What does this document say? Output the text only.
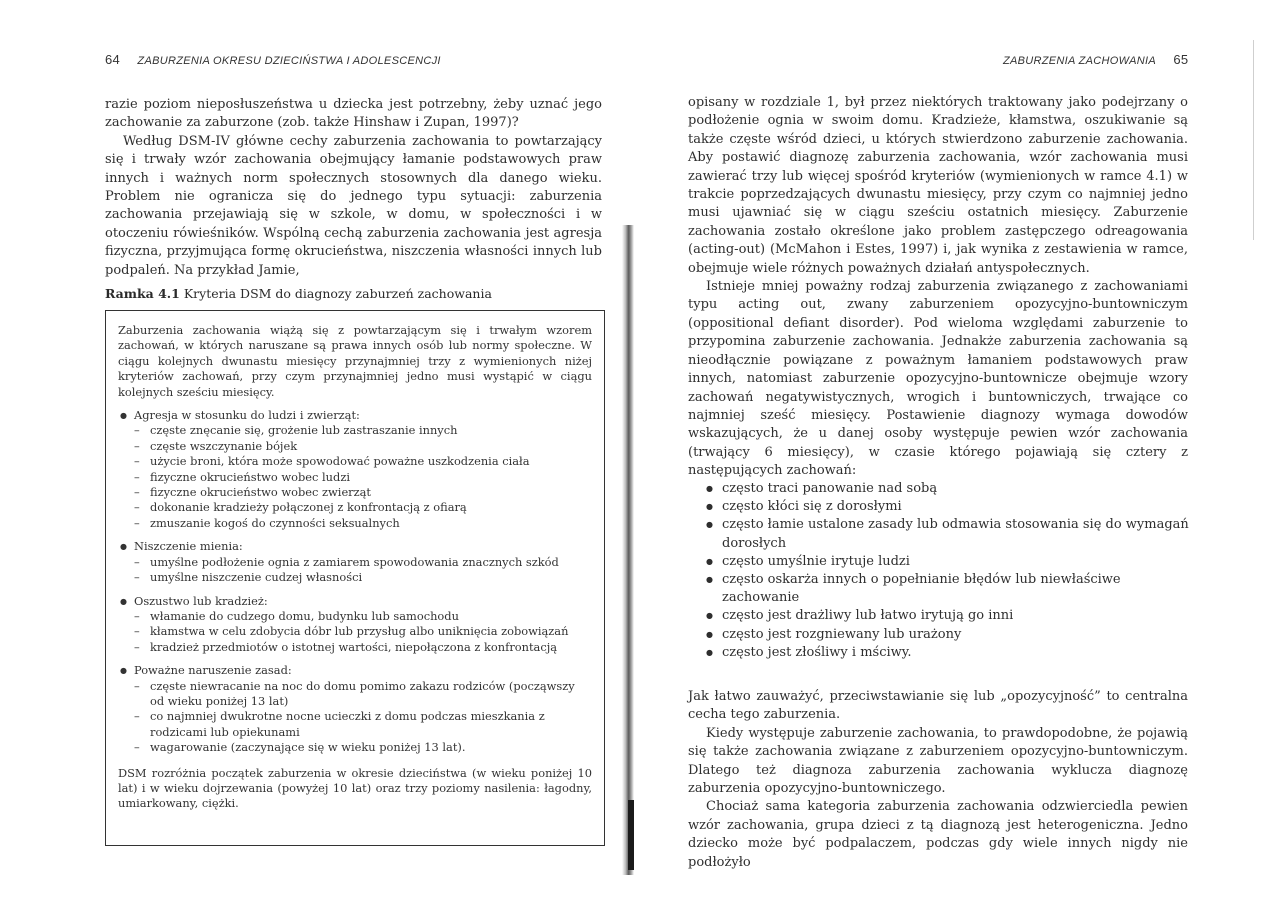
64 ZABURZENIA OKRESU DZIECIŃSTWA I ADOLESCENCJI

razie poziom nieposłuszeństwa u dziecka jest potrzebny, żeby uznać jego zachowanie za zaburzone (zob. także Hinshaw i Zupan, 1997)?

Według DSM-IV główne cechy zaburzenia zachowania to powtarzający się i trwały wzór zachowania obejmujący łamanie podstawowych praw innych i ważnych norm społecznych stosownych dla danego wieku. Problem nie ogranicza się do jednego typu sytuacji: zaburzenia zachowania przejawiają się w szkole, w domu, w społeczności i w otoczeniu rówieśników. Wspólną cechą zaburzenia zachowania jest agresja fizyczna, przyjmująca formę okrucieństwa, niszczenia własności innych lub podpaleń. Na przykład Jamie,

Ramka 4.1 Kryteria DSM do diagnozy zaburzeń zachowania

Zaburzenia zachowania wiążą się z powtarzającym się i trwałym wzorem zachowań, w których naruszane są prawa innych osób lub normy społeczne. W ciągu kolejnych dwunastu miesięcy przynajmniej trzy z wymienionych niżej kryteriów zachowań, przy czym przynajmniej jedno musi wystąpić w ciągu kolejnych sześciu miesięcy.

● Agresja w stosunku do ludzi i zwierząt:
– częste znęcanie się, grożenie lub zastraszanie innych
– częste wszczynanie bójek
– użycie broni, która może spowodować poważne uszkodzenia ciała
– fizyczne okrucieństwo wobec ludzi
– fizyczne okrucieństwo wobec zwierząt
– dokonanie kradzieży połączonej z konfrontacją z ofiarą
– zmuszanie kogoś do czynności seksualnych
● Niszczenie mienia:
– umyślne podłożenie ognia z zamiarem spowodowania znacznych szkód
– umyślne niszczenie cudzej własności
● Oszustwo lub kradzież:
– włamanie do cudzego domu, budynku lub samochodu
– kłamstwa w celu zdobycia dóbr lub przysług albo uniknięcia zobowiązań
– kradzież przedmiotów o istotnej wartości, niepołączona z konfrontacją
● Poważne naruszenie zasad:
– częste niewracanie na noc do domu pomimo zakazu rodziców (począwszy od wieku poniżej 13 lat)
– co najmniej dwukrotne nocne ucieczki z domu podczas mieszkania z rodzicami lub opiekunami
– wagarowanie (zaczynające się w wieku poniżej 13 lat).

DSM rozróżnia początek zaburzenia w okresie dzieciństwa (w wieku poniżej 10 lat) i w wieku dojrzewania (powyżej 10 lat) oraz trzy poziomy nasilenia: łagodny, umiarkowany, ciężki.

ZABURZENIA ZACHOWANIA 65

opisany w rozdziale 1, był przez niektórych traktowany jako podejrzany o podłożenie ognia w swoim domu. Kradzieże, kłamstwa, oszukiwanie są także częste wśród dzieci, u których stwierdzono zaburzenie zachowania. Aby postawić diagnozę zaburzenia zachowania, wzór zachowania musi zawierać trzy lub więcej spośród kryteriów (wymienionych w ramce 4.1) w trakcie poprzedzających dwunastu miesięcy, przy czym co najmniej jedno musi ujawniać się w ciągu sześciu ostatnich miesięcy. Zaburzenie zachowania zostało określone jako problem zastępczego odreagowania (acting-out) (McMahon i Estes, 1997) i, jak wynika z zestawienia w ramce, obejmuje wiele różnych poważnych działań antyspołecznych.

Istnieje mniej poważny rodzaj zaburzenia związanego z zachowaniami typu acting out, zwany zaburzeniem opozycyjno-buntowniczym (oppositional defiant disorder). Pod wieloma względami zaburzenie to przypomina zaburzenie zachowania. Jednakże zaburzenia zachowania są nieodłącznie powiązane z poważnym łamaniem podstawowych praw innych, natomiast zaburzenie opozycyjno-buntownicze obejmuje wzory zachowań negatywistycznych, wrogich i buntowniczych, trwające co najmniej sześć miesięcy. Postawienie diagnozy wymaga dowodów wskazujących, że u danej osoby występuje pewien wzór zachowania (trwający 6 miesięcy), w czasie którego pojawiają się cztery z następujących zachowań:

● często traci panowanie nad sobą
● często kłóci się z dorosłymi
● często łamie ustalone zasady lub odmawia stosowania się do wymagań dorosłych
● często umyślnie irytuje ludzi
● często oskarża innych o popełnianie błędów lub niewłaściwe zachowanie
● często jest drażliwy lub łatwo irytują go inni
● często jest rozgniewany lub urażony
● często jest złośliwy i mściwy.

Jak łatwo zauważyć, przeciwstawianie się lub „opozycyjność” to centralna cecha tego zaburzenia.

Kiedy występuje zaburzenie zachowania, to prawdopodobne, że pojawią się także zachowania związane z zaburzeniem opozycyjno-buntowniczym. Dlatego też diagnoza zaburzenia zachowania wyklucza diagnozę zaburzenia opozycyjno-buntowniczego.

Chociaż sama kategoria zaburzenia zachowania odzwierciedla pewien wzór zachowania, grupa dzieci z tą diagnozą jest heterogeniczna. Jedno dziecko może być podpalaczem, podczas gdy wiele innych nigdy nie podłożyło
